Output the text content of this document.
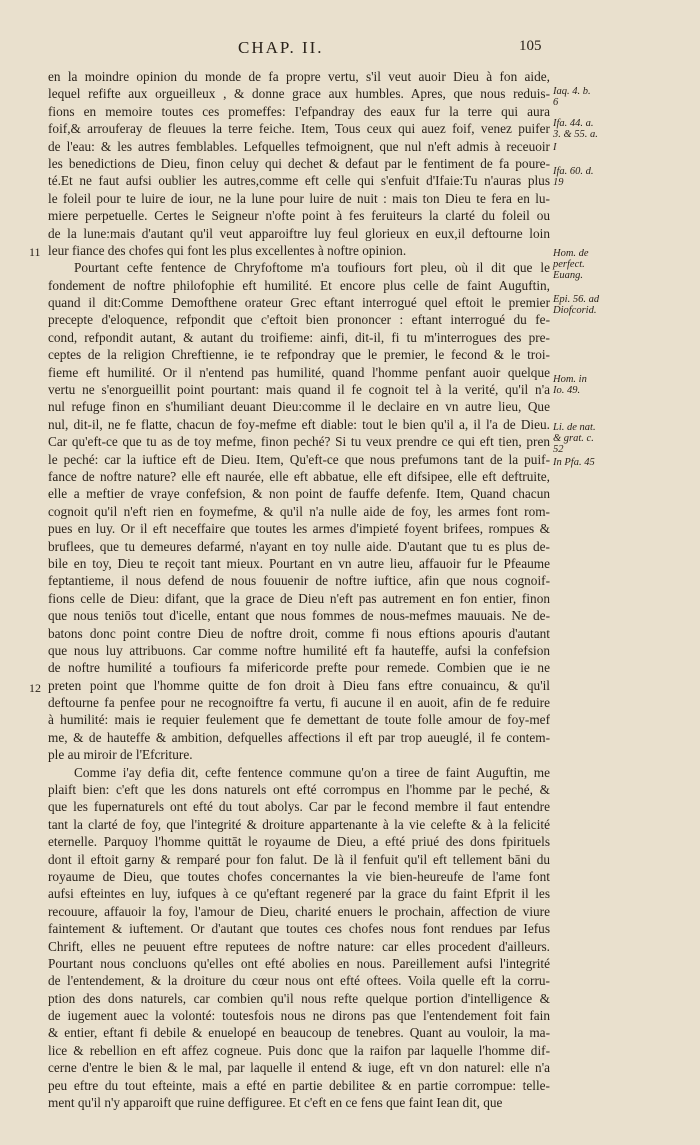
CHAP. II.	105
11
12
en la moindre opinion du monde de fa propre vertu, s'il veut auoir Dieu à fon aide,
lequel refifte aux orgueilleux , & donne grace aux humbles. Apres, que nous reduis-
fions en memoire toutes ces promeffes: I'efpandray des eaux fur la terre qui aura
foif,& arrouferay de fleuues la terre feiche. Item, Tous ceux qui auez foif, venez puifer
de l'eau: & les autres femblables. Lefquelles tefmoignent, que nul n'eft admis à receuoir
les benedictions de Dieu, finon celuy qui dechet & defaut par le fentiment de fa poure-
té.Et ne faut aufsi oublier les autres,comme eft celle qui s'enfuit d'Ifaie:Tu n'auras plus
le foleil pour te luire de iour, ne la lune pour luire de nuit : mais ton Dieu te fera en lu-
miere perpetuelle. Certes le Seigneur n'ofte point à fes feruiteurs la clarté du foleil ou
de la lune:mais d'autant qu'il veut apparoiftre luy feul glorieux en eux,il deftourne loin
leur fiance des chofes qui font les plus excellentes à noftre opinion.
Pourtant cefte fentence de Chryfoftome m'a toufiours fort pleu, où il dit que le
fondement de noftre philofophie eft humilité. Et encore plus celle de faint Auguftin,
quand il dit:Comme Demofthene orateur Grec eftant interrogué quel eftoit le premier
precepte d'eloquence, refpondit que c'eftoit bien prononcer : eftant interrogué du fe-
cond, refpondit autant, & autant du troifieme: ainfi, dit-il, fi tu m'interrogues des pre-
ceptes de la religion Chreftienne, ie te refpondray que le premier, le fecond & le troi-
fieme eft humilité. Or il n'entend pas humilité, quand l'homme penfant auoir quelque
vertu ne s'enorgueillit point pourtant: mais quand il fe cognoit tel à la verité, qu'il n'a
nul refuge finon en s'humiliant deuant Dieu:comme il le declaire en vn autre lieu, Que
nul, dit-il, ne fe flatte, chacun de foy-mefme eft diable: tout le bien qu'il a, il l'a de Dieu.
Car qu'eft-ce que tu as de toy mefme, finon peché? Si tu veux prendre ce qui eft tien, pren
le peché: car la iuftice eft de Dieu. Item, Qu'eft-ce que nous prefumons tant de la puif-
fance de noftre nature? elle eft naurée, elle eft abbatue, elle eft difsipee, elle eft deftruite,
elle a meftier de vraye confefsion, & non point de fauffe defenfe. Item, Quand chacun
cognoit qu'il n'eft rien en foymefme, & qu'il n'a nulle aide de foy, les armes font rom-
pues en luy. Or il eft neceffaire que toutes les armes d'impieté foyent brifees, rompues &
bruflees, que tu demeures defarmé, n'ayant en toy nulle aide. D'autant que tu es plus de-
bile en toy, Dieu te reçoit tant mieux. Pourtant en vn autre lieu, affauoir fur le Pfeaume
feptantieme, il nous defend de nous fouuenir de noftre iuftice, afin que nous cognoif-
fions celle de Dieu: difant, que la grace de Dieu n'eft pas autrement en fon entier, finon
que nous teniōs tout d'icelle, entant que nous fommes de nous-mefmes mauuais. Ne de-
batons donc point contre Dieu de noftre droit, comme fi nous eftions apouris d'autant
que nous luy attribuons. Car comme noftre humilité eft fa hauteffe, aufsi la confefsion
de noftre humilité a toufiours fa mifericorde prefte pour remede. Combien que ie ne
preten point que l'homme quitte de fon droit à Dieu fans eftre conuaincu, & qu'il
deftourne fa penfee pour ne recognoiftre fa vertu, fi aucune il en auoit, afin de fe reduire
à humilité: mais ie requier feulement que fe demettant de toute folle amour de foy-mef
me, & de hauteffe & ambition, defquelles affections il eft par trop aueuglé, il fe contem-
ple au miroir de l'Efcriture.
Comme i'ay defia dit, cefte fentence commune qu'on a tiree de faint Auguftin, me
plaift bien: c'eft que les dons naturels ont efté corrompus en l'homme par le peché, &
que les fupernaturels ont efté du tout abolys. Car par le fecond membre il faut entendre
tant la clarté de foy, que l'integrité & droiture appartenante à la vie celefte & à la felicité
eternelle. Parquoy l'homme quittāt le royaume de Dieu, a efté priué des dons fpirituels
dont il eftoit garny & remparé pour fon falut. De là il fenfuit qu'il eft tellement bāni du
royaume de Dieu, que toutes chofes concernantes la vie bien-heureufe de l'ame font
aufsi efteintes en luy, iufques à ce qu'eftant regeneré par la grace du faint Efprit il les
recouure, affauoir la foy, l'amour de Dieu, charité enuers le prochain, affection de viure
faintement & iuftement. Or d'autant que toutes ces chofes nous font rendues par Iefus
Chrift, elles ne peuuent eftre reputees de noftre nature: car elles procedent d'ailleurs.
Pourtant nous concluons qu'elles ont efté abolies en nous. Pareillement aufsi l'integrité
de l'entendement, & la droiture du cœur nous ont efté oftees. Voila quelle eft la corru-
ption des dons naturels, car combien qu'il nous refte quelque portion d'intelligence &
de iugement auec la volonté: toutesfois nous ne dirons pas que l'entendement foit fain
& entier, eftant fi debile & enuelopé en beaucoup de tenebres. Quant au vouloir, la ma-
lice & rebellion en eft affez cogneue. Puis donc que la raifon par laquelle l'homme dif-
cerne d'entre le bien & le mal, par laquelle il entend & iuge, eft vn don naturel: elle n'a
peu eftre du tout efteinte, mais a efté en partie debilitee & en partie corrompue: telle-
ment qu'il n'y apparoift que ruine deffiguree. Et c'eft en ce fens que faint Iean dit, que
Iaq. 4. b.
6
Ifa. 44. a.
3. & 55. a.
I
Ifa. 60. d.
19
Hom. de
perfect.
Euang.
Epi. 56. ad
Diofcorid.
Hom. in
Io. 49.
Li. de nat.
& grat. c.
52
In Pfa. 45
